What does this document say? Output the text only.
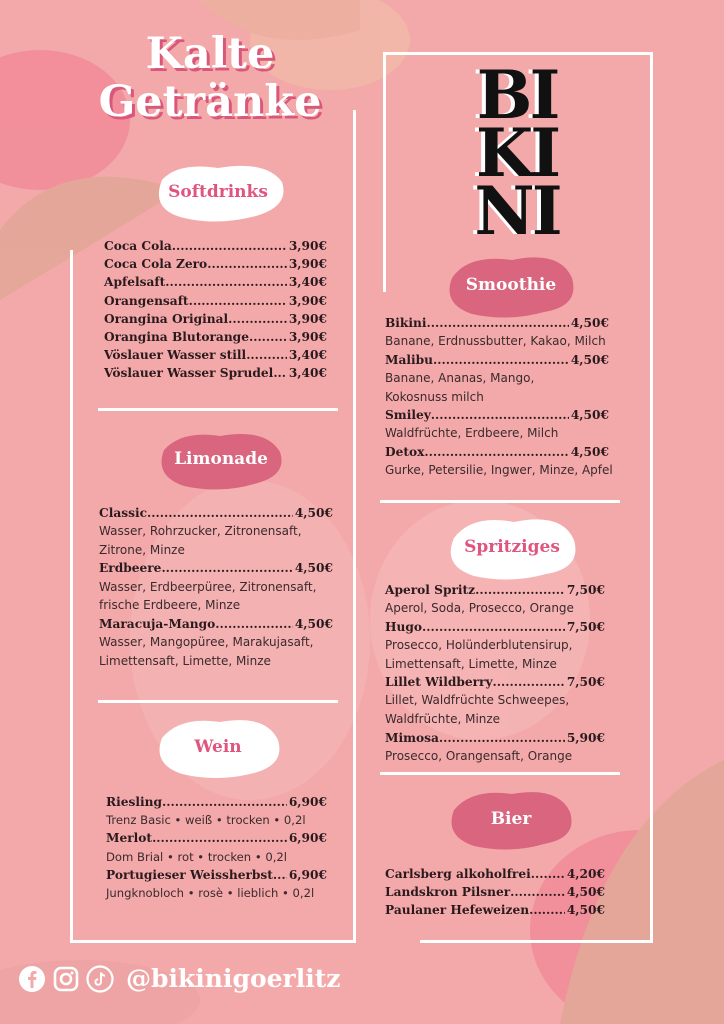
Kalte
Getränke	BI
KI
NI
Softdrinks
Coca Cola .....	3,90€
Coca Cola Zero .....	3,90€
Apfelsaft .....	3,40€
Orangensaft .....	3,90€
Orangina Original .....	3,90€
Orangina Blutorange .....	3,90€
Vöslauer Wasser still .....	3,40€
Vöslauer Wasser Sprudel ..... 3,40€
Limonade
Classic .....	4,50€
Wasser, Rohrzucker, Zitronensaft, Zitrone, Minze
Erdbeere .....	4,50€
Wasser, Erdbeerpüree, Zitronensaft, frische Erdbeere, Minze
Maracuja-Mango .....	4,50€
Wasser, Mangopüree, Marakujasaft, Limettensaft, Limette, Minze
Wein
Riesling .....	6,90€
Trenz Basic • weiß • trocken • 0,2l
Merlot .....	6,90€
Dom Brial • rot • trocken • 0,2l
Portugieser Weissherbst ..... 6,90€
Jungknobloch • rosè • lieblich • 0,2l
Smoothie
Bikini .....	4,50€
Banane, Erdnussbutter, Kakao, Milch
Malibu .....	4,50€
Banane, Ananas, Mango, Kokosnuss milch
Smiley .....	4,50€
Waldfrüchte, Erdbeere, Milch
Detox .....	4,50€
Gurke, Petersilie, Ingwer, Minze, Apfel
Spritziges
Aperol Spritz .....	7,50€
Aperol, Soda, Prosecco, Orange
Hugo .....	7,50€
Prosecco, Holünderblutensirup, Limettensaft, Limette, Minze
Lillet Wildberry .....	7,50€
Lillet, Waldfrüchte Schweepes, Waldfrüchte, Minze
Mimosa .....	5,90€
Prosecco, Orangensaft, Orange
Bier
Carlsberg alkoholfrei .....	4,20€
Landskron Pilsner .....	4,50€
Paulaner Hefeweizen .....	4,50€
@bikinigoerlitz
